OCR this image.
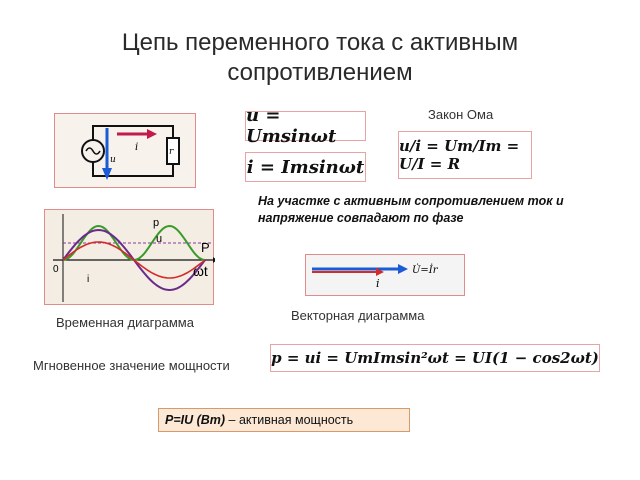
Цепь переменного тока с активным сопротивлением
i
u
r
u = Umsinωt
i = Imsinωt
Закон Ома
u/i = Um/Im = U/I = R
На участке с активным сопротивлением ток и напряжение совпадают по фазе
p
u
i
P
ωt
0
Временная диаграмма
U̇=İr
i
Векторная диаграмма
Мгновенное значение мощности	p = ui = UmImsin²ωt = UI(1 − cos2ωt)
P=IU (Вт) – активная мощность
